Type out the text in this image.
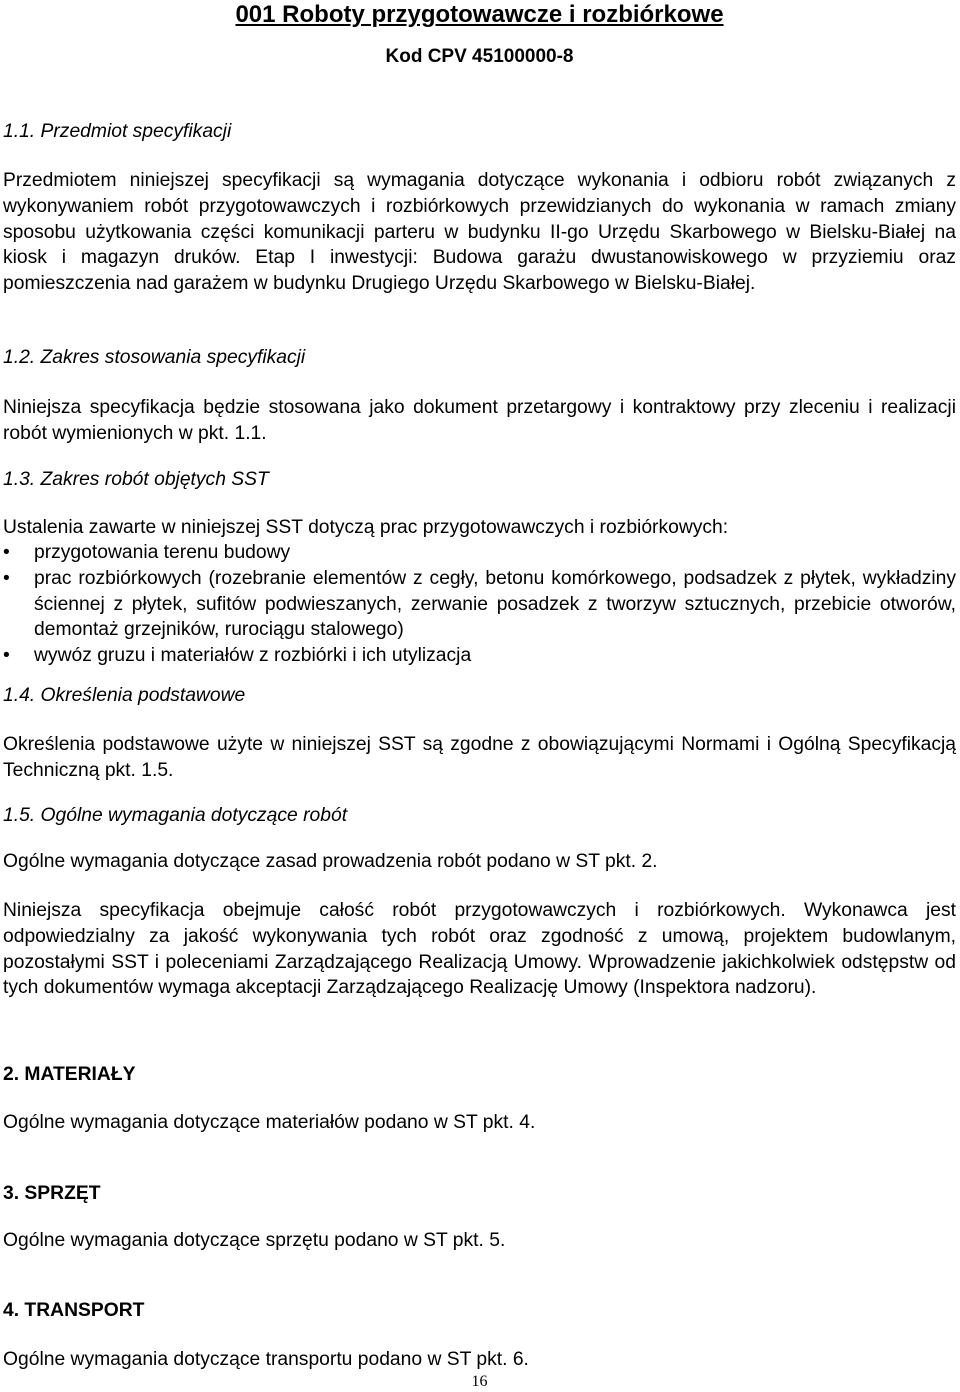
001 Roboty przygotowawcze i rozbiórkowe
Kod CPV 45100000-8
1.1. Przedmiot specyfikacji
Przedmiotem niniejszej specyfikacji są wymagania dotyczące wykonania i odbioru robót związanych z wykonywaniem robót przygotowawczych i rozbiórkowych przewidzianych do wykonania w ramach zmiany sposobu użytkowania części komunikacji parteru w budynku II-go Urzędu Skarbowego w Bielsku-Białej na kiosk i magazyn druków. Etap I inwestycji: Budowa garażu dwustanowiskowego w przyziemiu oraz pomieszczenia nad garażem w budynku Drugiego Urzędu Skarbowego w Bielsku-Białej.
1.2. Zakres stosowania specyfikacji
Niniejsza specyfikacja będzie stosowana jako dokument przetargowy i kontraktowy przy zleceniu i realizacji robót wymienionych w pkt. 1.1.
1.3. Zakres robót objętych SST
Ustalenia zawarte w niniejszej SST dotyczą prac przygotowawczych i rozbiórkowych:
•	przygotowania terenu budowy
•	prac rozbiórkowych (rozebranie elementów z cegły, betonu komórkowego, podsadzek z płytek, wykładziny ściennej z płytek, sufitów podwieszanych, zerwanie posadzek z tworzyw sztucznych, przebicie otworów, demontaż grzejników, rurociągu stalowego)
•	wywóz gruzu i materiałów z rozbiórki i ich utylizacja
1.4. Określenia podstawowe
Określenia podstawowe użyte w niniejszej SST są zgodne z obowiązującymi Normami i Ogólną Specyfikacją Techniczną pkt. 1.5.
1.5. Ogólne wymagania dotyczące robót
Ogólne wymagania dotyczące zasad prowadzenia robót podano w ST pkt. 2.
Niniejsza specyfikacja obejmuje całość robót przygotowawczych i rozbiórkowych. Wykonawca jest odpowiedzialny za jakość wykonywania tych robót oraz zgodność z umową, projektem budowlanym, pozostałymi SST i poleceniami Zarządzającego Realizacją Umowy. Wprowadzenie jakichkolwiek odstępstw od tych dokumentów wymaga akceptacji Zarządzającego Realizację Umowy (Inspektora nadzoru).
2. MATERIAŁY
Ogólne wymagania dotyczące materiałów podano w ST pkt. 4.
3. SPRZĘT
Ogólne wymagania dotyczące sprzętu podano w ST pkt. 5.
4. TRANSPORT
Ogólne wymagania dotyczące transportu podano w ST pkt. 6.
16
